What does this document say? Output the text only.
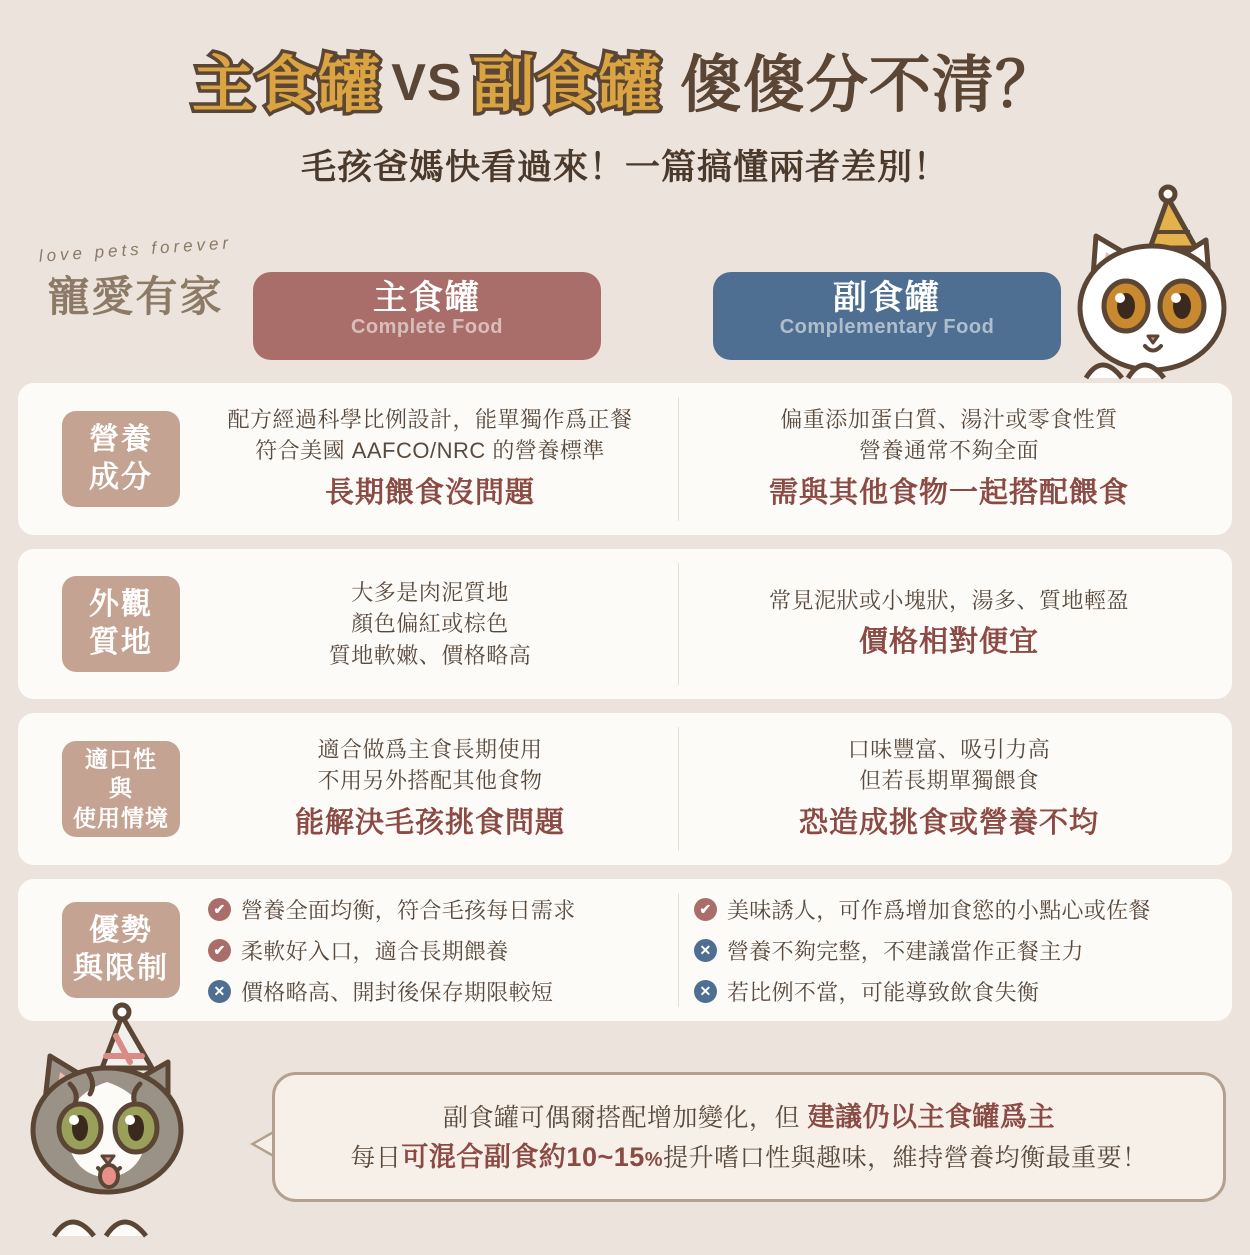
主食罐 VS 副食罐 傻傻分不清？
毛孩爸媽快看過來！一篇搞懂兩者差別！
love pets forever
寵愛有家	主食罐
Complete Food
副食罐
Complementary Food
營養
成分
配方經過科學比例設計，能單獨作爲正餐
符合美國 AAFCO/NRC 的營養標準
長期餵食沒問題
偏重添加蛋白質、湯汁或零食性質
營養通常不夠全面
需與其他食物一起搭配餵食
外觀
質地
大多是肉泥質地
顏色偏紅或棕色
質地軟嫩、價格略高
常見泥狀或小塊狀，湯多、質地輕盈
價格相對便宜
適口性
與
使用情境
適合做爲主食長期使用
不用另外搭配其他食物
能解決毛孩挑食問題
口味豐富、吸引力高
但若長期單獨餵食
恐造成挑食或營養不均
優勢
與限制
✔ 營養全面均衡，符合毛孩每日需求
✔ 柔軟好入口，適合長期餵養
✕ 價格略高、開封後保存期限較短
✔ 美味誘人，可作爲增加食慾的小點心或佐餐
✕ 營養不夠完整，不建議當作正餐主力
✕ 若比例不當，可能導致飲食失衡
副食罐可偶爾搭配增加變化，但 建議仍以主食罐爲主
每日可混合副食約10~15%提升嗜口性與趣味，維持營養均衡最重要！
